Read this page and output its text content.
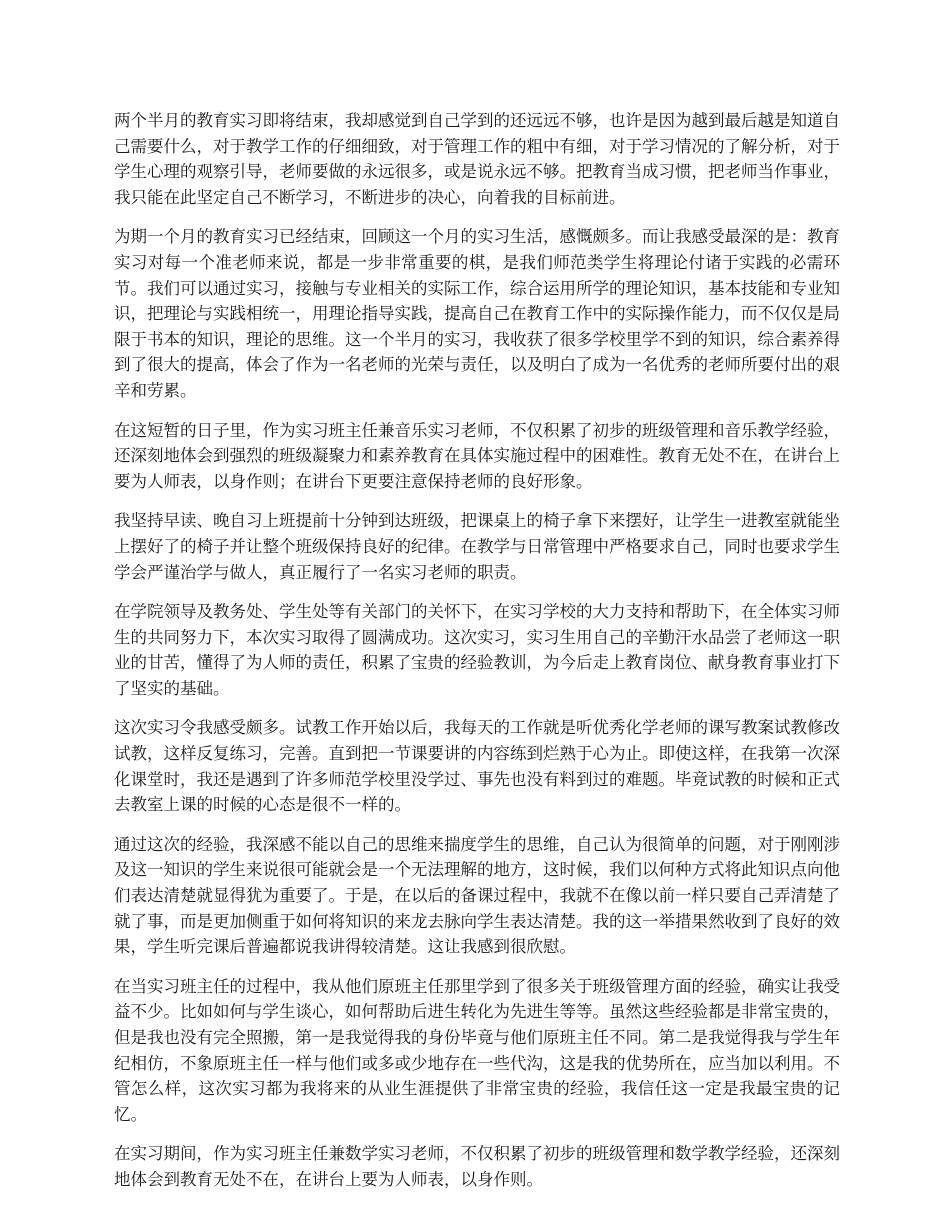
两个半月的教育实习即将结束，我却感觉到自己学到的还远远不够，也许是因为越到最后越是知道自己需要什么，对于教学工作的仔细细致，对于管理工作的粗中有细，对于学习情况的了解分析，对于学生心理的观察引导，老师要做的永远很多，或是说永远不够。把教育当成习惯，把老师当作事业，我只能在此坚定自己不断学习，不断进步的决心，向着我的目标前进。

为期一个月的教育实习已经结束，回顾这一个月的实习生活，感慨颇多。而让我感受最深的是：教育实习对每一个准老师来说，都是一步非常重要的棋，是我们师范类学生将理论付诸于实践的必需环节。我们可以通过实习，接触与专业相关的实际工作，综合运用所学的理论知识，基本技能和专业知识，把理论与实践相统一，用理论指导实践，提高自己在教育工作中的实际操作能力，而不仅仅是局限于书本的知识，理论的思维。这一个半月的实习，我收获了很多学校里学不到的知识，综合素养得到了很大的提高，体会了作为一名老师的光荣与责任，以及明白了成为一名优秀的老师所要付出的艰辛和劳累。

在这短暂的日子里，作为实习班主任兼音乐实习老师，不仅积累了初步的班级管理和音乐教学经验，还深刻地体会到强烈的班级凝聚力和素养教育在具体实施过程中的困难性。教育无处不在，在讲台上要为人师表，以身作则；在讲台下更要注意保持老师的良好形象。

我坚持早读、晚自习上班提前十分钟到达班级，把课桌上的椅子拿下来摆好，让学生一进教室就能坐上摆好了的椅子并让整个班级保持良好的纪律。在教学与日常管理中严格要求自己，同时也要求学生学会严谨治学与做人，真正履行了一名实习老师的职责。

在学院领导及教务处、学生处等有关部门的关怀下，在实习学校的大力支持和帮助下，在全体实习师生的共同努力下，本次实习取得了圆满成功。这次实习，实习生用自己的辛勤汗水品尝了老师这一职业的甘苦，懂得了为人师的责任，积累了宝贵的经验教训，为今后走上教育岗位、献身教育事业打下了坚实的基础。

这次实习令我感受颇多。试教工作开始以后，我每天的工作就是听优秀化学老师的课写教案试教修改试教，这样反复练习，完善。直到把一节课要讲的内容练到烂熟于心为止。即使这样，在我第一次深化课堂时，我还是遇到了许多师范学校里没学过、事先也没有料到过的难题。毕竟试教的时候和正式去教室上课的时候的心态是很不一样的。

通过这次的经验，我深感不能以自己的思维来揣度学生的思维，自己认为很简单的问题，对于刚刚涉及这一知识的学生来说很可能就会是一个无法理解的地方，这时候，我们以何种方式将此知识点向他们表达清楚就显得犹为重要了。于是，在以后的备课过程中，我就不在像以前一样只要自己弄清楚了就了事，而是更加侧重于如何将知识的来龙去脉向学生表达清楚。我的这一举措果然收到了良好的效果，学生听完课后普遍都说我讲得较清楚。这让我感到很欣慰。

在当实习班主任的过程中，我从他们原班主任那里学到了很多关于班级管理方面的经验，确实让我受益不少。比如如何与学生谈心，如何帮助后进生转化为先进生等等。虽然这些经验都是非常宝贵的，但是我也没有完全照搬，第一是我觉得我的身份毕竟与他们原班主任不同。第二是我觉得我与学生年纪相仿，不象原班主任一样与他们或多或少地存在一些代沟，这是我的优势所在，应当加以利用。不管怎么样，这次实习都为我将来的从业生涯提供了非常宝贵的经验，我信任这一定是我最宝贵的记忆。

在实习期间，作为实习班主任兼数学实习老师，不仅积累了初步的班级管理和数学教学经验，还深刻地体会到教育无处不在，在讲台上要为人师表，以身作则。
